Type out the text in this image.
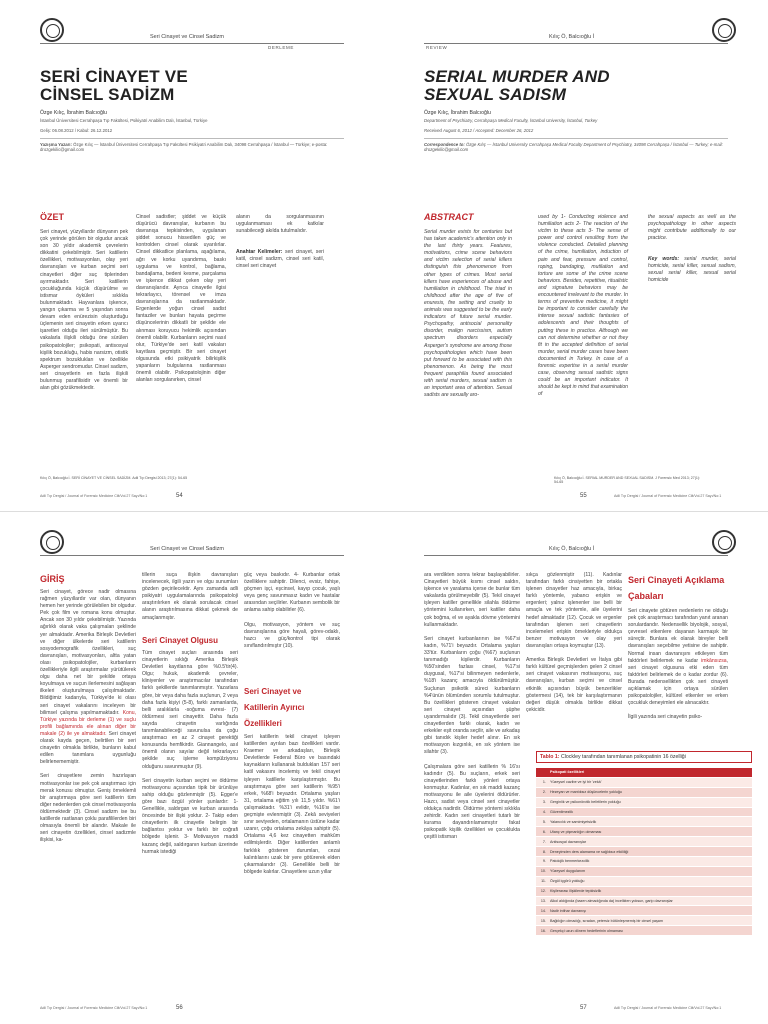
Seri Cinayet ve Cinsel Sadizm
DERLEME
SERİ CİNAYET VE CİNSEL SADİZM
Özge Kılıç, İbrahim Balcıoğlu
İstanbul Üniversitesi Cerrahpaşa Tıp Fakültesi, Psikiyatri Anabilim Dalı, İstanbul, Türkiye
Geliş: 06.08.2012 / Kabul: 26.12.2012
Yazışma Yazarı: Özge Kılıç — İstanbul Üniversitesi Cerrahpaşa Tıp Fakültesi Psikiyatri Anabilim Dalı, 34098 Cerrahpaşa / İstanbul — Türkiye; e-posta: drozgekilic@gmail.com
ÖZET

Seri cinayet, yüzyıllardır dünyanın pek çok yerinde görülen bir olgudur ancak son 30 yıldır akademik çevrelerin dikkatini çekebilmiştir. Seri katillerin özellikleri, motivasyonları, olay yeri davranışları ve kurban seçimi seri cinayetleri diğer suç tiplerinden ayırmaktadır. Seri katillerin çocukluğunda küçük düşürülme ve istismar öyküleri sıklıkla bulunmaktadır. Hayvanlara işkence, yangın çıkarma ve 5 yaşından sonra devam eden enürezisin oluşturduğu üçlemenin seri cinayetin erken uyarıcı işaretleri olduğu ileri sürülmüştür. Bu vakalarla ilişkili olduğu öne sürülen psikopatolojiler; psikopati, antisosyal kişilik bozukluğu, habis narsizm, otistik spektrum bozuklukları ve özellikle Asperger sendromudur. Cinsel sadizm, seri cinayetlerin en fazla ilişkili bulunmuş parafilisidir ve önemli bir alan gibi gözükmektedir.

Cinsel sadistler; şiddet ve küçük düşürücü davranışlar, kurbanın bu davranışa tepkisinden, uygulanan şiddet sonucu hissedilen güç ve kontrolden cinsel olarak uyarılırlar. Cinsel dikkatlice planlama, aşağılama, ağrı ve korku uyandırma, baskı uygulama ve kontrol, bağlama, bandajlama, bedeni kesme, parçalama ve işkence dikkat çeken olay yeri davranışlarıdır. Ayrıca cinayetle ilgisi tekrarlayıcı, törensel ve imza davranışlarına da rastlanmaktadır. Ergenlerde yoğun cinsel sadist fantaziler ve bunları hayata geçirme düşüncelerinin dikkatli bir şekilde ele alınması koruyucu hekimlik açısından önemli olabilir. Kurbanların seçimi nasıl olur, Türkiye'de seri katil vakaları kayıtlara geçmiştir. Bir seri cinayet olgusunda etki psikiyatrik bilirkişilik yapanların bulgularına rastlanması önemli olabilir. Psikopatolojinin diğer alanları sorgulanırken, cinsel

alanın da sorgulanmasının uygulanmaması ek katkılar sunabileceği akılda tutulmalıdır.

Anahtar Kelimeler: seri cinayet, seri katil, cinsel sadizm, cinsel seri katil, cinsel seri cinayet

Kılıç Ö, Balcıoğlu İ. SERİ CİNAYET VE CİNSEL SADİZM. Adli Tıp Dergisi 2013; 27(1): 54-65
54
Adli Tıp Dergisi / Journal of Forensic Medicine Cilt/Vol.27 Sayı/No:1
Kılıç Ö, Balcıoğlu İ
REVIEW
SERIAL MURDER AND SEXUAL SADISM
Özge Kılıç, İbrahim Balcıoğlu
Department of Psychiatry, Cerrahpaşa Medical Faculty, İstanbul University, İstanbul, Turkey
Received August 6, 2012 / Accepted: December 26, 2012
Correspondence to: Özge Kılıç — İstanbul University Cerrahpaşa Medical Faculty Department of Psychiatry, 34098 Cerrahpaşa / İstanbul — Turkey; e-mail: drozgekilic@gmail.com
ABSTRACT

Serial murder exists for centuries but has taken academic's attention only in the last thirty years. Features, motivations, crime scene behaviors and victim selection of serial killers distinguish this phenomenon from other types of crimes. Most serial killers have experiences of abuse and humiliation in childhood. The triad in childhood after the age of five of enuresis, fire setting and cruelty to animals was suggested to be the early indicators of future serial murder. Psychopathy, antisocial personality disorder, malign narcissism, autism spectrum disorders especially Asperger's syndrome are among those psychopathologies which have been put forward to be associated with this phenomenon. As being the most frequent paraphilia found associated with serial murders, sexual sadism is an important area of attention. Sexual sadists are sexually aro-

used by 1- Conducting violence and humiliation acts 2- The reaction of the victim to these acts 3- The sense of power and control resulting from the violence conducted. Detailed planning of the crime, humiliation, induction of pain and fear, pressure and control, roping, bandaging, mutilation and torture are some of the crime scene behaviors. Besides, repetitive, ritualistic and signature behaviors may be encountered irrelevant to the murder. In terms of preventive medicine, it might be important to consider carefully the intense sexual sadistic fantasies of adolescents and their thoughts of putting these in practice. Although we can not determine whether or not they fit in the accepted definition of serial murder, serial murder cases have been documented in Turkey. In case of a forensic expertise in a serial murder case, observing sexual sadistic signs could be an important indicator. It should be kept in mind that examination of

the sexual aspects as well as the psychopathology in other aspects might contribute additionally to our practice.

Key words: serial murder, serial homicide, serial killer, sexual sadism, sexual serial killer, sexual serial homicide

Kılıç Ö, Balcıoğlu İ. SERIAL MURDER AND SEXUAL SADISM. J Forensic Med 2013; 27(1): 54-65
55	Adli Tıp Dergisi / Journal of Forensic Medicine Cilt/Vol.27 Sayı/No:1
Seri Cinayet ve Cinsel Sadizm
GİRİŞ

Seri cinayet, görece nadir olmasına rağmen yüzyıllardır var olan, dünyanın hemen her yerinde görülebilen bir olgudur. Pek çok film ve romana konu olmuştur. Ancak son 30 yıldır çekebilmiştir. Yazında ağırlıklı olarak vaka çalışmaları şeklinde yer almaktadır. Amerika Birleşik Devletleri ve diğer ülkelerde seri katillerin sosyodemografik özellikleri, suç davranışları, motivasyonları, altta yatan olası psikopatolojiler, kurbanların özellikleriyle ilgili araştırmalar yürütülerek olgu daha net bir şekilde ortaya koyulmaya ve suçun ilerlemesini sağlayan ilkeleri oluşturulmaya çalışılmaktadır. Bildiğimiz kadarıyla, Türkiye'de ki olası seri cinayet vakalarını inceleyen bir bilimsel çalışma yapılmamaktadır. Konu, Türkiye yazında bir derleme (1) ve suçlu profili bağlamında ele alınan diğer bir makale (2) ile ye almaktadır. Seri cinayet olarak kayda geçen, belirtilen bir seri cinayetin olmakla birlikte, bunların kabul edilen tanımlara uygunluğu belirlenememiştir.

Seri cinayetlere zemin hazırlayan motivasyonlar ise pek çok araştırmacı için merak konusu olmuştur. Geniş örneklemli bir araştırmaya göre seri katillerin tüm diğer nedenlerden çok cinsel motivasyonla öldürmektedir (3). Cinsel sadizm ise bu katillerde rastlanan çoklu parafililerden biri olmasıyla önemli bir alandır. Makale ile seri cinayetin özellikleri, cinsel sadizmle ilişkisi, ka-

tillerin suça ilişkin davranışları incelenecek, ilgili yazın ve olgu sunumları gözden geçirilecektir. Aynı zamanda adli psikiyatri uygulamalarında psikopatoloji araştırılırken ek olarak sorulacak cinsel alanın araştırılmasına dikkat çekmek de amaçlanmıştır.

Seri Cinayet Olgusu

Tüm cinayet suçları arasında seri cinayetlerin sıklığı Amerika Birleşik Devletleri kayıtlarına göre %0.5'tir(4). Olgu; hukuk, akademik çevreler, kliniyenler ve araştırmacılar tarafından farklı şekillerde tanımlanmıştır. Yazarlara göre, bir veya daha fazla suçlunun, 2 veya daha fazla kişiyi (5-8), farklı zamanlarda, belli aralıklarla -soğuma evresi- (7) öldürmesi seri cinayettir. Daha fazla sayıda cinayetin varlığında tanımlanabileceği savunulsa da çoğu araştırmacı en az 2 cinayet gerektiği konusunda hemfikirdir. Giannangelo, asıl önemli olanın sayılar değil tekrarlayıcı şekilde suç işleme kompülziyonu olduğunu savunmuştur (9).

Seri cinayetin kurban seçimi ve öldürme motivasyonu açısından tipik bir ürünlüye sahip olduğu gözlenmiştir (5). Egger'e göre bazı özgül yönler şunlardır: 1- Genellikle, saldırgan ve kurban arasında öncesinde bir ilişki yoktur. 2- Takip eden cinayetlerin ilk cinayetle belirgin bir bağlantısı yoktur ve farklı bir coğrafi bölgede işlenir. 3- Motivasyon maddi kazanç değil, saldırganın kurban üzerinde hurmak istediği

güç veya baskıdır. 4- Kurbanlar ortak özelliklere sahiptir. Dilenci, evsiz, fahişe, göçmen işçi, eşcinsel, kayıp çocuk, yaşlı veya genç savunmasız kadın ve hastalar arasından seçilirler. Kurbanın sembolik bir anlama sahip olabilirler (6).

Olgu, motivasyon, yöntem ve suç davranışlarına göre hayali, görev-odaklı, hazcı ve güç/kontrol tipi olarak sınıflandırılmıştır (10).

Seri Cinayet ve Katillerin Ayırıcı Özellikleri

Seri katillerin tekil cinayet işleyen katillerden ayrılan bazı özellikleri vardır. Kraemer ve arkadaşları, Birleşik Devletlerde Federal Büro ve basındaki kaynakların kullanarak buldukları 157 seri katil vakasını incelemiş ve tekil cinayet işleyen katillerle karşılaştırmıştır. Bu araştırmaya göre seri katillerin %95'i erkek, %68'i beyazdır. Ortalama yaşları 31, ortalama eğitim yılı 11,5 yıldır. %61'i çalışmaktadır. %31'i evlidir, %16'sı ise geçmişte evlenmiştir (3). Zekâ seviyeleri sınır seviyeden, ortalamanın üstüne kadar uzanır, çoğu ortalama zekâya sahiptir (5). Ortalama 4,6 kez cinayetten mahkûm edilmişlerdir. Diğer katillerden anlamlı farklılık gösteren durumları, cezai kalıntılarını uzak bir yere götürerek elden çıkarmalarıdır (3). Genellikle belli bir bölgede kalırlar. Cinayetlere uzun yıllar

56
Adli Tıp Dergisi / Journal of Forensic Medicine Cilt/Vol.27 Sayı/No:1
Kılıç Ö, Balcıoğlu İ

ara verdikten sonra tekrar başlayabilirler. Cinayetleri büyük kısmı cinsel saldırı, işkence ve yaralama içerse de bunlar tüm vakalarda görülmeyebilir (5). Tekil cinayet işleyen katiller genellikle silahla öldürme yöntemini kullanırken, seri katiller daha çok boğma, el ve ayakla dövme yöntemini kullanmaktadır.

Seri cinayet kurbanlarının ise %67'si kadın, %71'i beyazdır. Ortalama yaşları 33'tür. Kurbanların çoğu (%67) suçlunun tanımadığı kişilerdir. Kurbanların %50'sinden fazlası cinsel, %17'si duygusal, %17'si bilinmeyen nedenlerle, %18'i kazanç amacıyla öldürülmüştür. Suçlunun psikotik süreci kurbanların %4'ünün ölümünden sorumlu tutulmuştur. Bu özellikleri gösteren cinayet vakaları seri cinayet açısından şüphe uyandırmalıdır (3). Tekil cinayetlerde seri cinayetlerden farklı olarak, kadın ve erkekler eşit oranda seçilir, aile ve arkadaş gibi tanıdık kişiler hedef alınır. En sık motivasyon kızgınlık, en sık yöntem ise silahtır (3).

Çalışmalara göre seri katillerin % 16'sı kadındır (5). Bu suçların, erkek seri cinayetlerinden farklı yönleri ortaya konmuştur. Kadınlar, en sık maddi kazanç motivasyonu ile aile üyelerini öldürürler. Hazcı, sadist veya cinsel seri cinayetler oldukça nadirdir. Öldürme yöntemi sıklıkla zehirdir. Kadın seri cinayetleri tutarlı bir kurama dayandırılamamıştır fakat psikopatik kişilik özellikleri ve çocuklukta çeşitli istismarı

sıkça gözlenmiştir (11). Kadınlar tarafından farklı cinsiyetten bir ortakla işlenen cinayetler haz amacıyla, birkaç farklı yöntemle, yabancı erişkin ve ergenleri; yalnız işlenenler ise belli bir amaçla ve tek yöntemle, aile üyelerini hedef almaktadır (12). Çocuk ve ergenler tarafından işlenen seri cinayetlerin incelemeleri erişkin örnekleriyle oldukça benzer motivasyon ve olay yeri davranışları ortaya koymuştur (13).

Amerika Birleşik Devletleri ve İtalya gibi farklı kültürel geçmişlerden gelen 2 cinsel seri cinayet vakasının motivasyonu, suç davranışları, kurban seçimi ve cinsel etkinlik açısından büyük benzerlikler göstermesi (14), tek bir karşılaştırmanın değeri düşük olmakla birlikte dikkat çekicidir.

Seri Cinayeti Açıklama Çabaları

Seri cinayete götüren nedenlerin ne olduğu pek çok araştırmacı tarafından yanıt aranan sorulardandır. Nedensellik biyolojik, sosyal, çevresel etkenlere dayanan karmaşık bir süreçtir. Bunlara ek olarak bireyler belli davranışları seçebilme yetisine de sahiptir. Normal insan davranışını etkileyen tüm faktörleri belirlemek ne kadar imkânsızsa, seri cinayet olgusuna etki eden tüm faktörleri belirlemek de o kadar zordur (6). Burada nedensellikten çok seri cinayeti açıklamak için ortaya sürülen psikopatolojiler, kültürel etkenler ve erken çocukluk deneyimleri ele alınacaktır.

İlgili yazında seri cinayetin psiko-

Tablo 1: Clockley tarafından tanımlanan psikopatinin 16 özelliği
	Psikopati özellikleri
1.	Yüzeysel cazibe ve iyi bir 'zekâ'
2.	Hezeyan ve mantıksız düşüncelerin yokluğu
3.	Gerginlik ve psikonörotik belirtilerin yokluğu
4.	Güvenilmezlik
5.	Yalancılık ve samimiyetsizlik
6.	Utanç ve pişmanlığın olmaması
7.	Antisosyal davranışlar
8.	Deneyimden ders alamama ve sağlıksız etkililiği
9.	Patolojik benmerkezcilik
10.	Yüzeysel duygulanım
11.	Özgül içgörü yokluğu
12.	Kişilerarası ilişkilerde tepkisizlik
13.	Alkol aldığında (bazen almadığında da) incelikten yoksun, garip davranışlar
14.	Nadir intihar davranışı
15.	Bağlılığın olmadığı, sıradan, yetersiz bütünleşmemiş bir cinsel yaşam
16.	Gerçekçi uzun dönem hedeflerinin olmaması
57	Adli Tıp Dergisi / Journal of Forensic Medicine Cilt/Vol.27 Sayı/No:1
